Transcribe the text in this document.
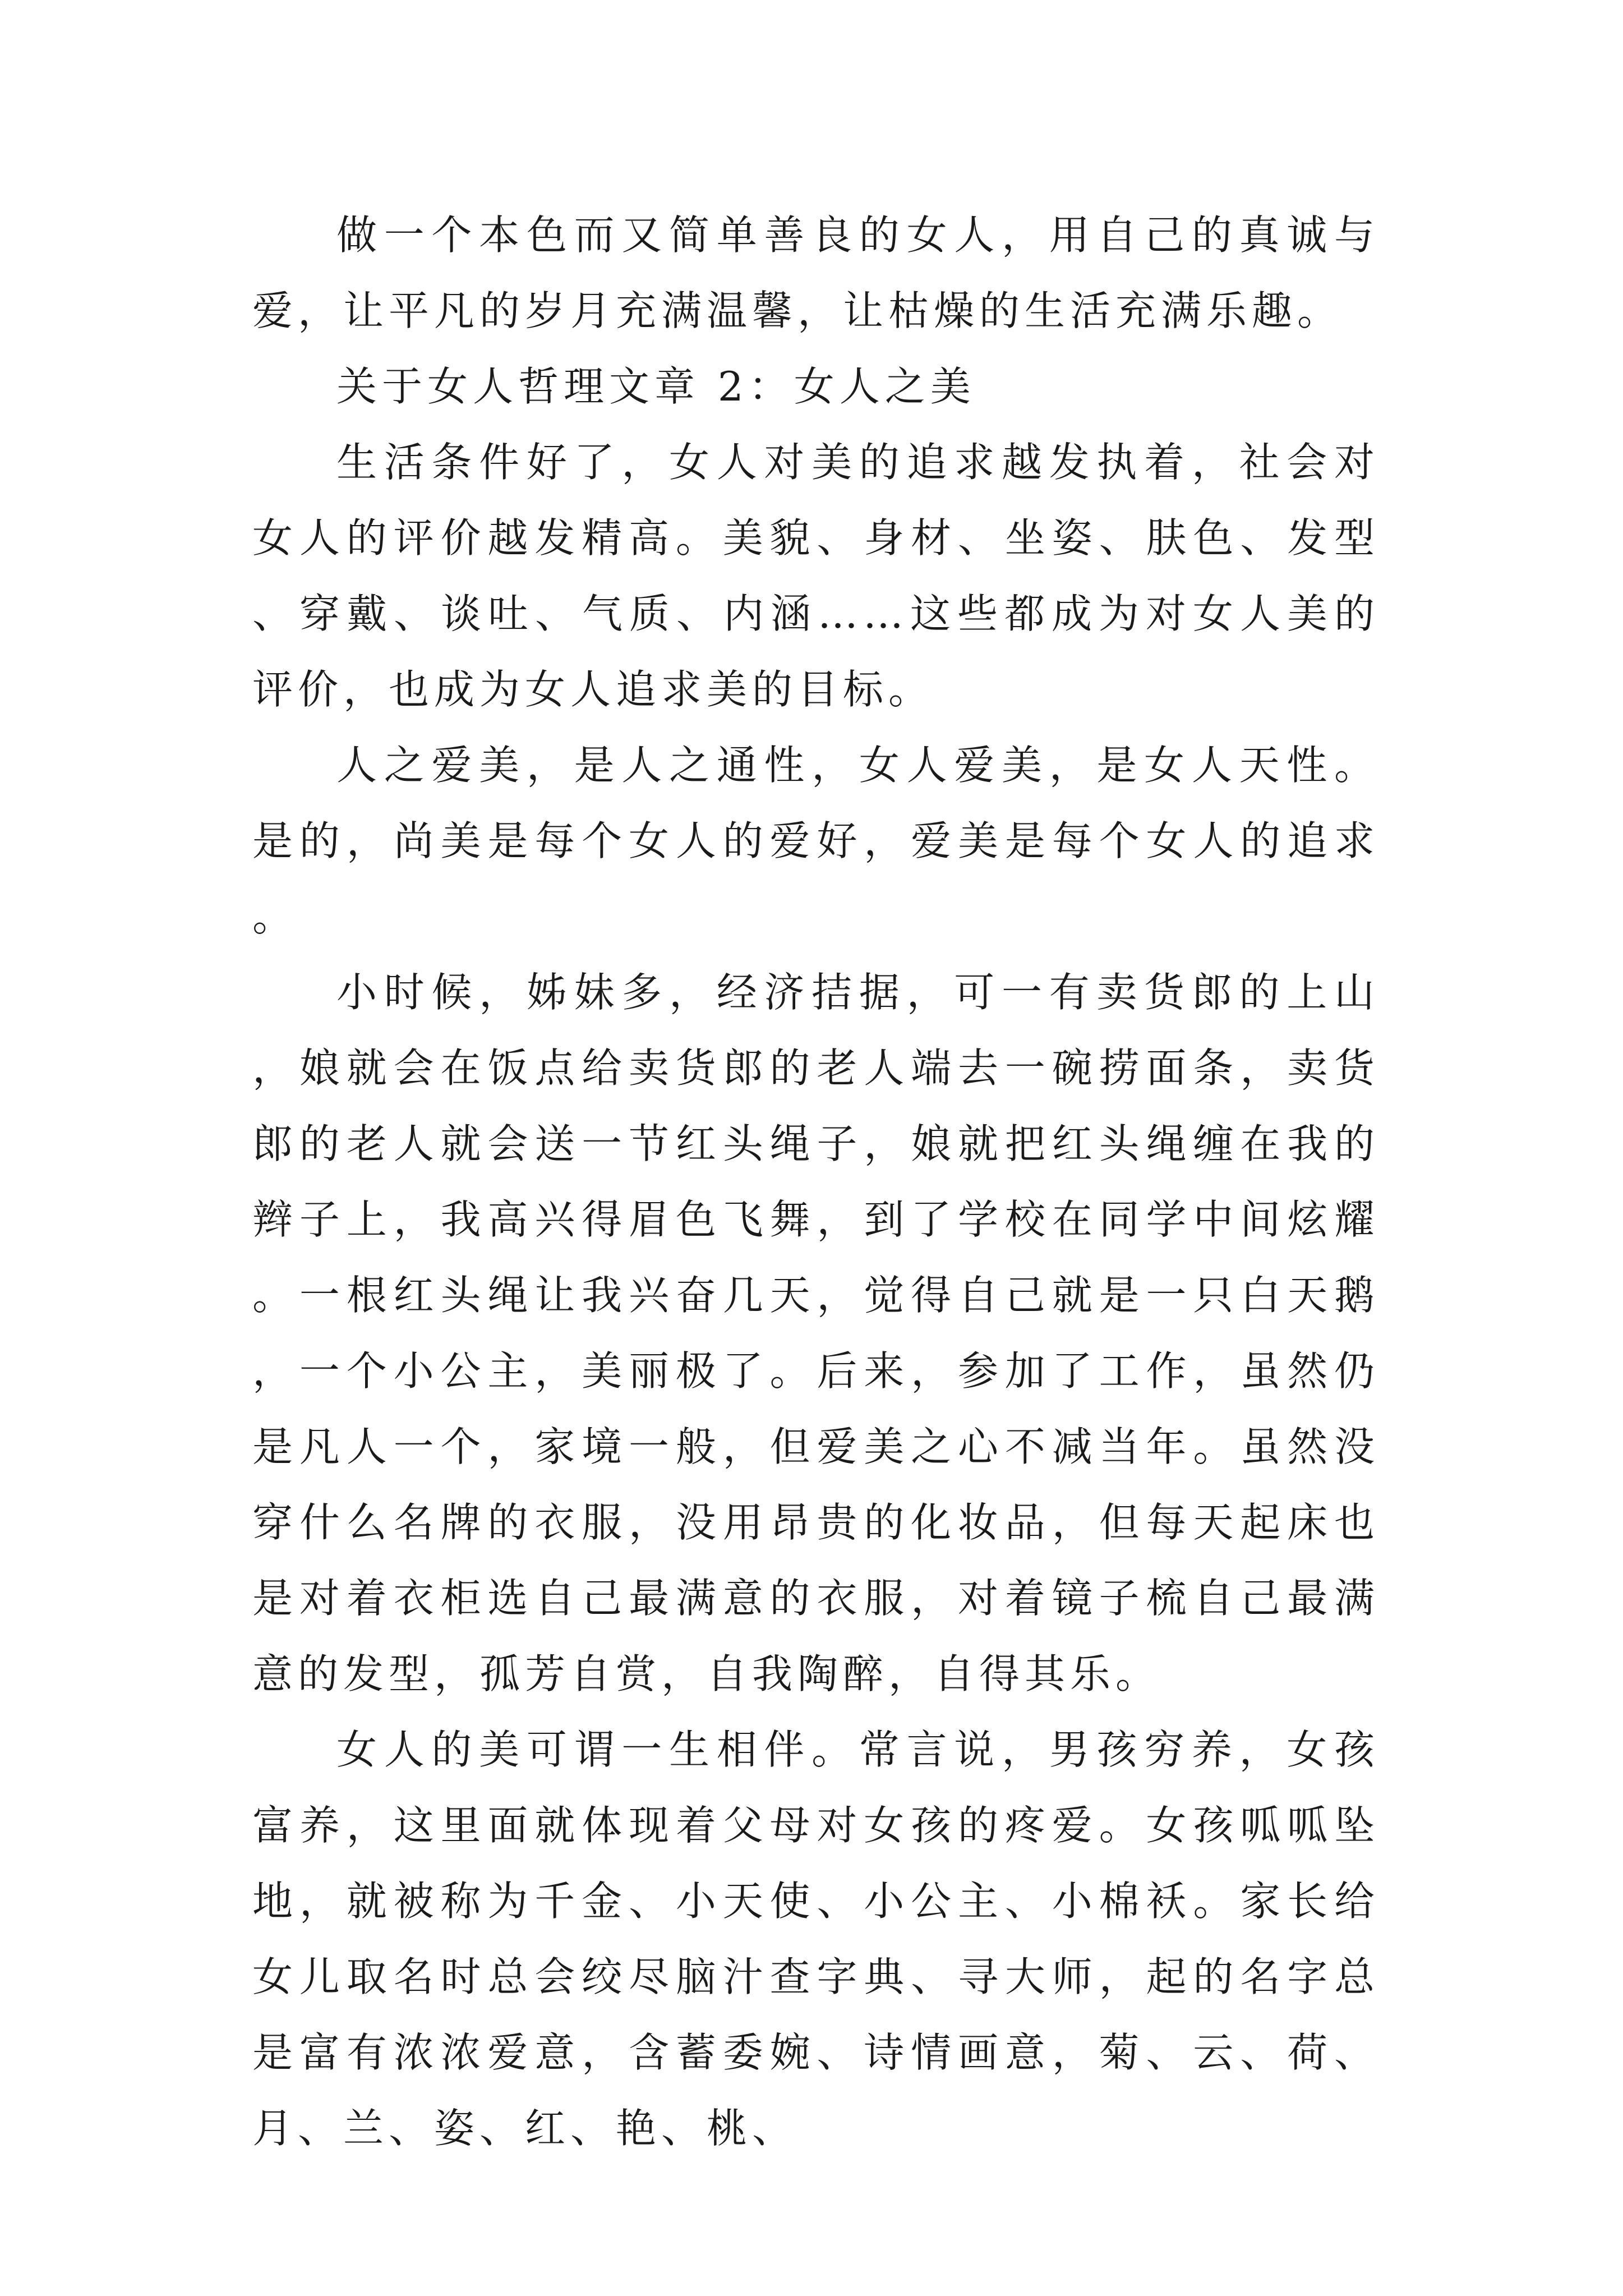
做一个本色而又简单善良的女人，用自己的真诚与爱，让平凡的岁月充满温馨，让枯燥的生活充满乐趣。

关于女人哲理文章 2：女人之美

生活条件好了，女人对美的追求越发执着，社会对女人的评价越发精高。美貌、身材、坐姿、肤色、发型、穿戴、谈吐、气质、内涵……这些都成为对女人美的评价，也成为女人追求美的目标。

人之爱美，是人之通性，女人爱美，是女人天性。是的，尚美是每个女人的爱好，爱美是每个女人的追求。

小时候，姊妹多，经济拮据，可一有卖货郎的上山，娘就会在饭点给卖货郎的老人端去一碗捞面条，卖货郎的老人就会送一节红头绳子，娘就把红头绳缠在我的辫子上，我高兴得眉色飞舞，到了学校在同学中间炫耀。一根红头绳让我兴奋几天，觉得自己就是一只白天鹅，一个小公主，美丽极了。后来，参加了工作，虽然仍是凡人一个，家境一般，但爱美之心不减当年。虽然没穿什么名牌的衣服，没用昂贵的化妆品，但每天起床也是对着衣柜选自己最满意的衣服，对着镜子梳自己最满意的发型，孤芳自赏，自我陶醉，自得其乐。

女人的美可谓一生相伴。常言说，男孩穷养，女孩富养，这里面就体现着父母对女孩的疼爱。女孩呱呱坠地，就被称为千金、小天使、小公主、小棉袄。家长给女儿取名时总会绞尽脑汁查字典、寻大师，起的名字总是富有浓浓爱意，含蓄委婉、诗情画意，菊、云、荷、月、兰、姿、红、艳、桃、
